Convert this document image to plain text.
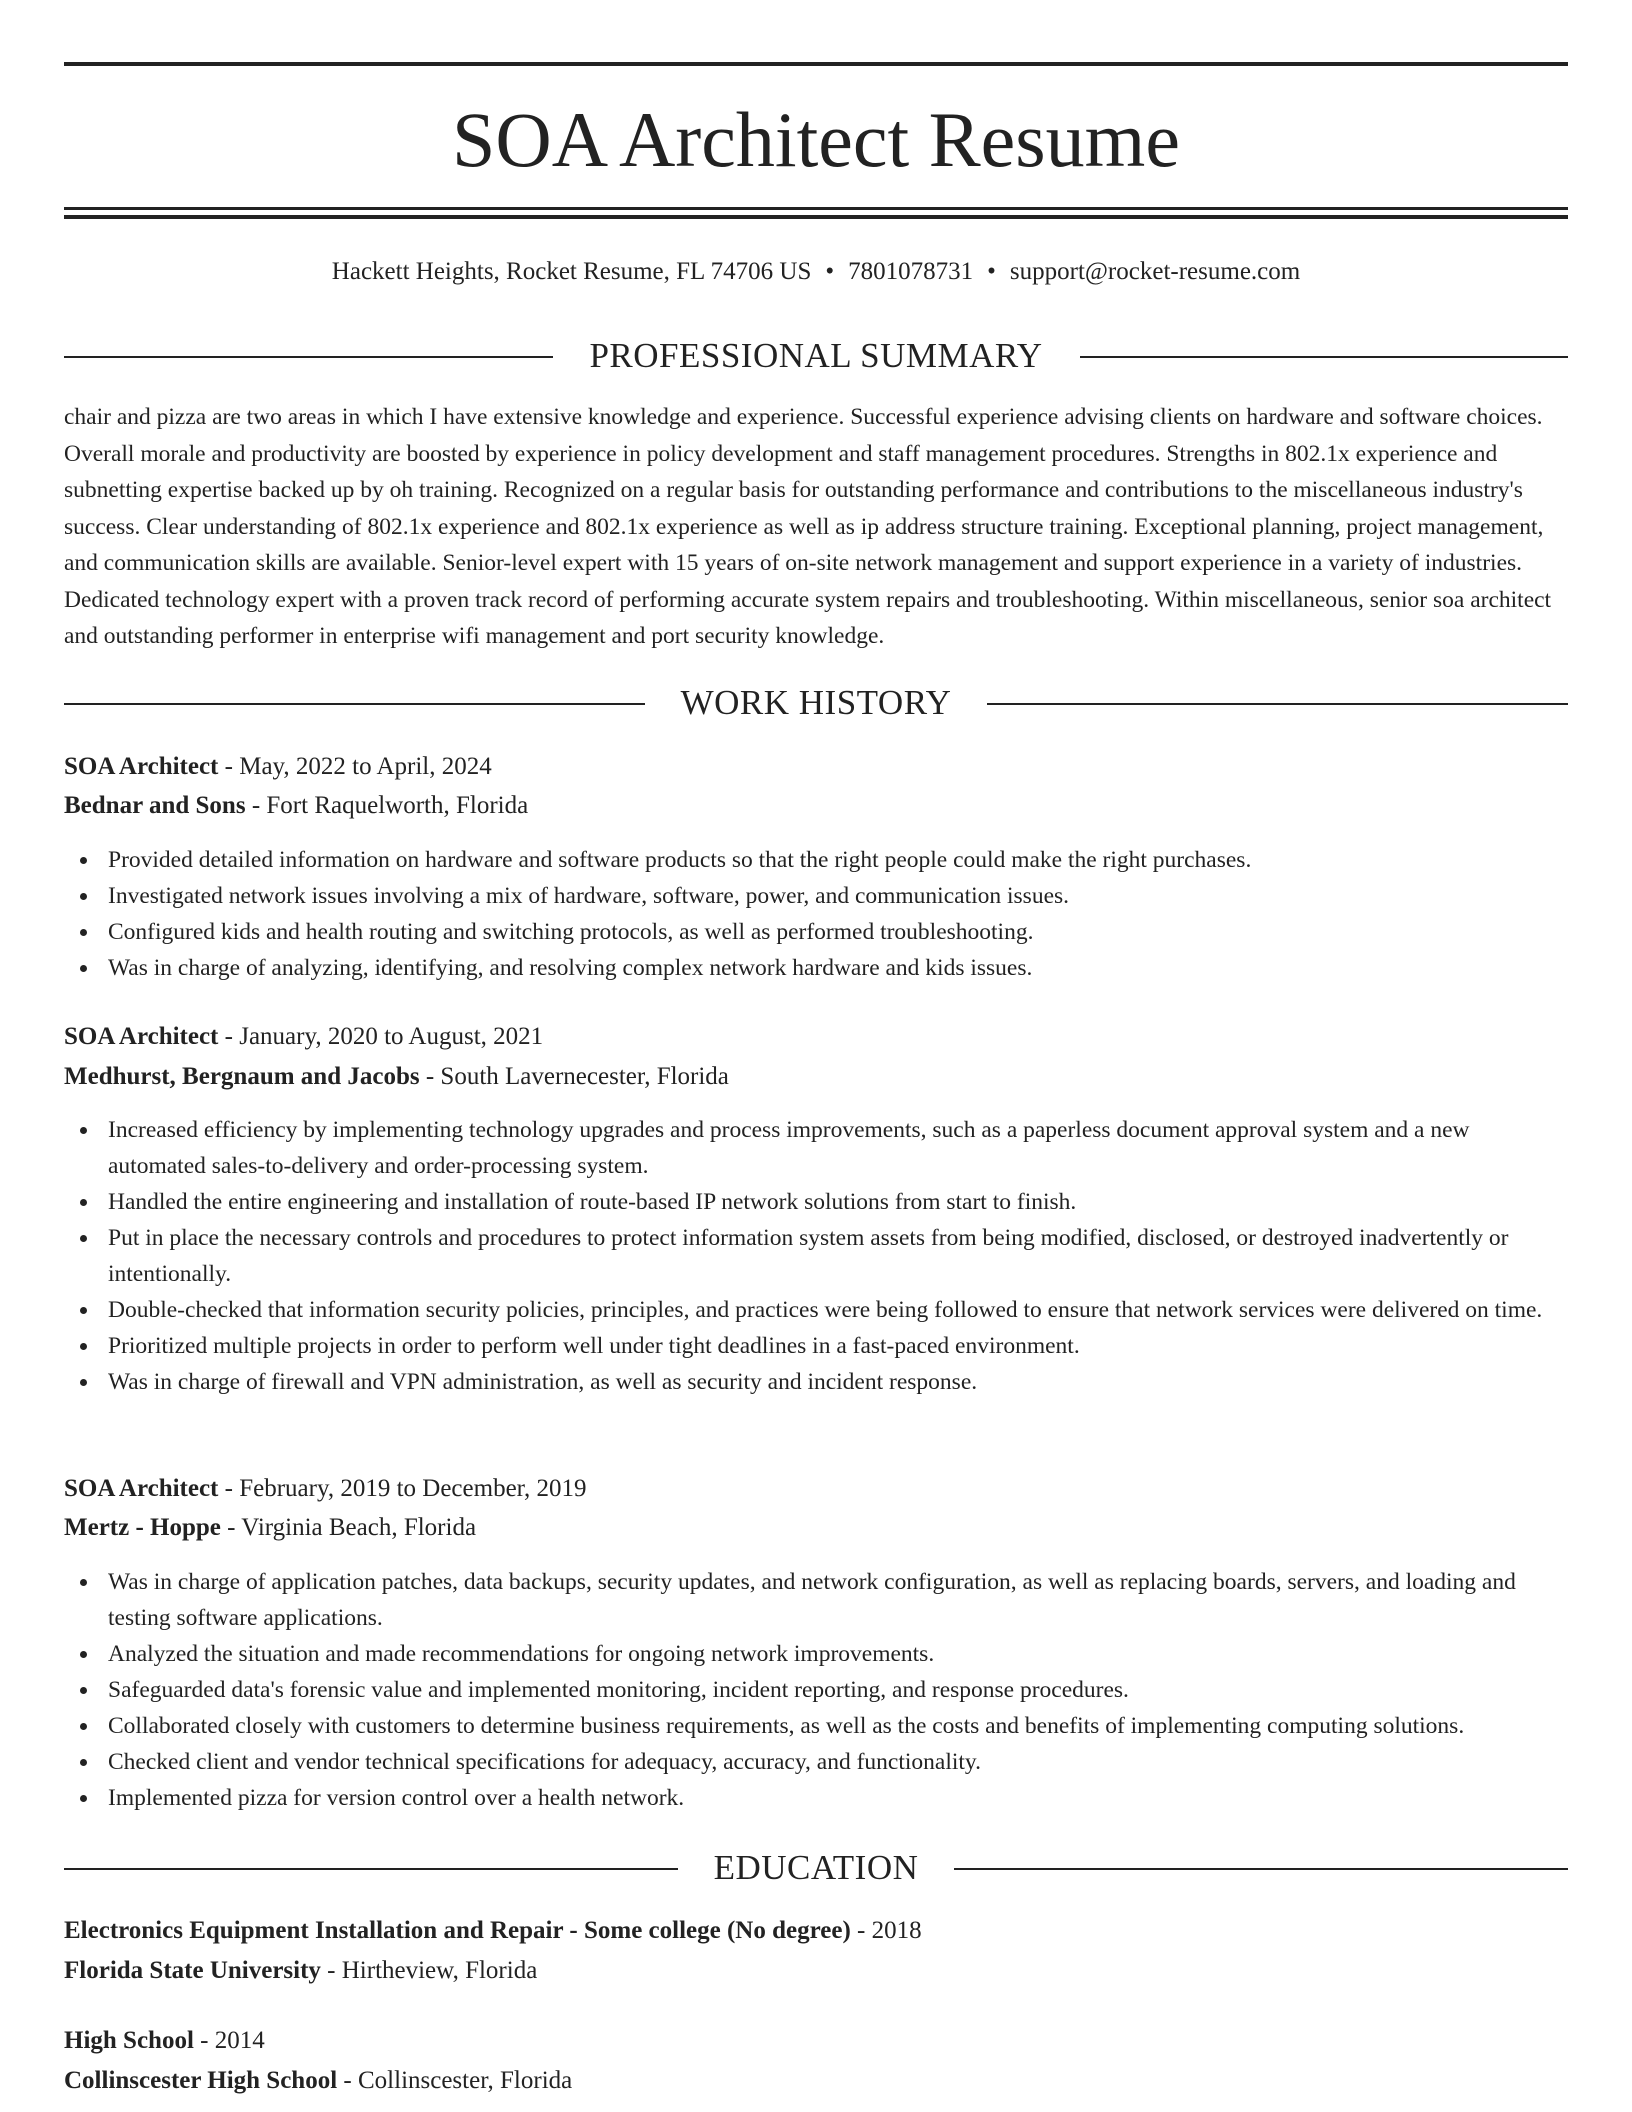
SOA Architect Resume
Hackett Heights, Rocket Resume, FL 74706 US • 7801078731 • support@rocket-resume.com
PROFESSIONAL SUMMARY

chair and pizza are two areas in which I have extensive knowledge and experience. Successful experience advising clients on hardware and software choices. Overall morale and productivity are boosted by experience in policy development and staff management procedures. Strengths in 802.1x experience and subnetting expertise backed up by oh training. Recognized on a regular basis for outstanding performance and contributions to the miscellaneous industry's success. Clear understanding of 802.1x experience and 802.1x experience as well as ip address structure training. Exceptional planning, project management, and communication skills are available. Senior-level expert with 15 years of on-site network management and support experience in a variety of industries. Dedicated technology expert with a proven track record of performing accurate system repairs and troubleshooting. Within miscellaneous, senior soa architect and outstanding performer in enterprise wifi management and port security knowledge.

WORK HISTORY
SOA Architect - May, 2022 to April, 2024
Bednar and Sons - Fort Raquelworth, Florida
Provided detailed information on hardware and software products so that the right people could make the right purchases.
Investigated network issues involving a mix of hardware, software, power, and communication issues.
Configured kids and health routing and switching protocols, as well as performed troubleshooting.
Was in charge of analyzing, identifying, and resolving complex network hardware and kids issues.
SOA Architect - January, 2020 to August, 2021
Medhurst, Bergnaum and Jacobs - South Lavernecester, Florida
Increased efficiency by implementing technology upgrades and process improvements, such as a paperless document approval system and a new automated sales-to-delivery and order-processing system.
Handled the entire engineering and installation of route-based IP network solutions from start to finish.
Put in place the necessary controls and procedures to protect information system assets from being modified, disclosed, or destroyed inadvertently or intentionally.
Double-checked that information security policies, principles, and practices were being followed to ensure that network services were delivered on time.
Prioritized multiple projects in order to perform well under tight deadlines in a fast-paced environment.
Was in charge of firewall and VPN administration, as well as security and incident response.
SOA Architect - February, 2019 to December, 2019
Mertz - Hoppe - Virginia Beach, Florida
Was in charge of application patches, data backups, security updates, and network configuration, as well as replacing boards, servers, and loading and testing software applications.
Analyzed the situation and made recommendations for ongoing network improvements.
Safeguarded data's forensic value and implemented monitoring, incident reporting, and response procedures.
Collaborated closely with customers to determine business requirements, as well as the costs and benefits of implementing computing solutions.
Checked client and vendor technical specifications for adequacy, accuracy, and functionality.
Implemented pizza for version control over a health network.
EDUCATION
Electronics Equipment Installation and Repair - Some college (No degree) - 2018
Florida State University - Hirtheview, Florida
High School - 2014
Collinscester High School - Collinscester, Florida
